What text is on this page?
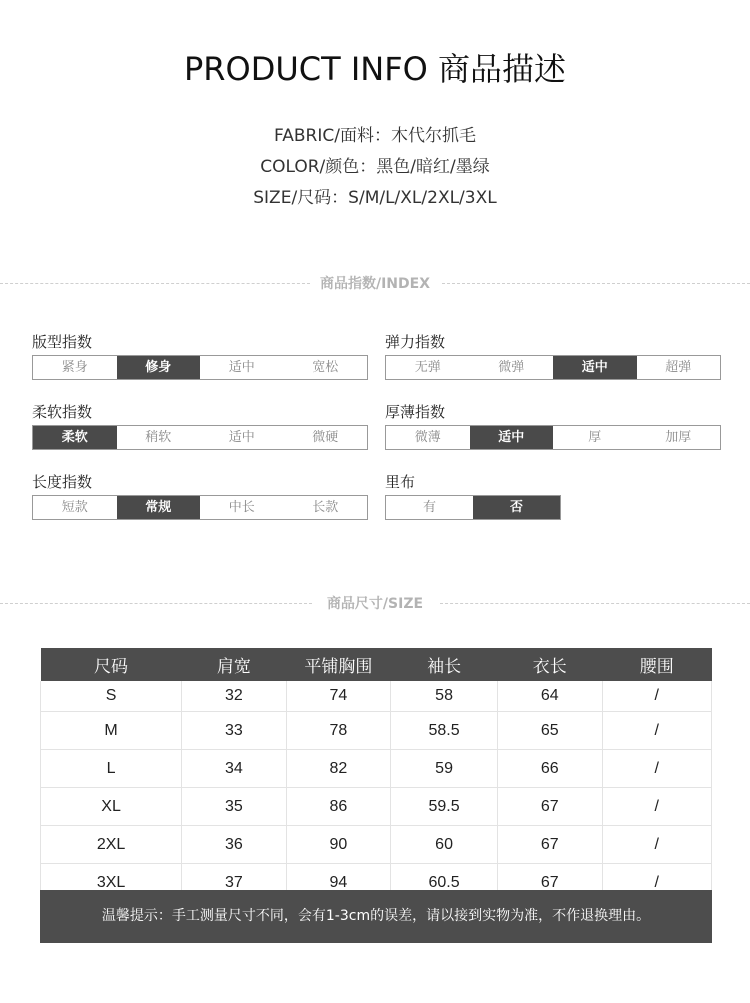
PRODUCT INFO 商品描述
FABRIC/面料：木代尔抓毛
COLOR/颜色：黑色/暗红/墨绿
SIZE/尺码：S/M/L/XL/2XL/3XL
商品指数/INDEX
版型指数
紧身	修身	适中	宽松
弹力指数
无弹	微弹	适中	超弹
柔软指数
柔软	稍软	适中	微硬
厚薄指数
微薄	适中	厚	加厚
长度指数
短款	常规	中长	长款
里布
有	否
商品尺寸/SIZE
尺码	肩宽	平铺胸围	袖长	衣长	腰围
S	32	74	58	64	/
M	33	78	58.5	65	/
L	34	82	59	66	/
XL	35	86	59.5	67	/
2XL	36	90	60	67	/
3XL	37	94	60.5	67	/
温馨提示：手工测量尺寸不同，会有1-3cm的误差，请以接到实物为准，不作退换理由。
